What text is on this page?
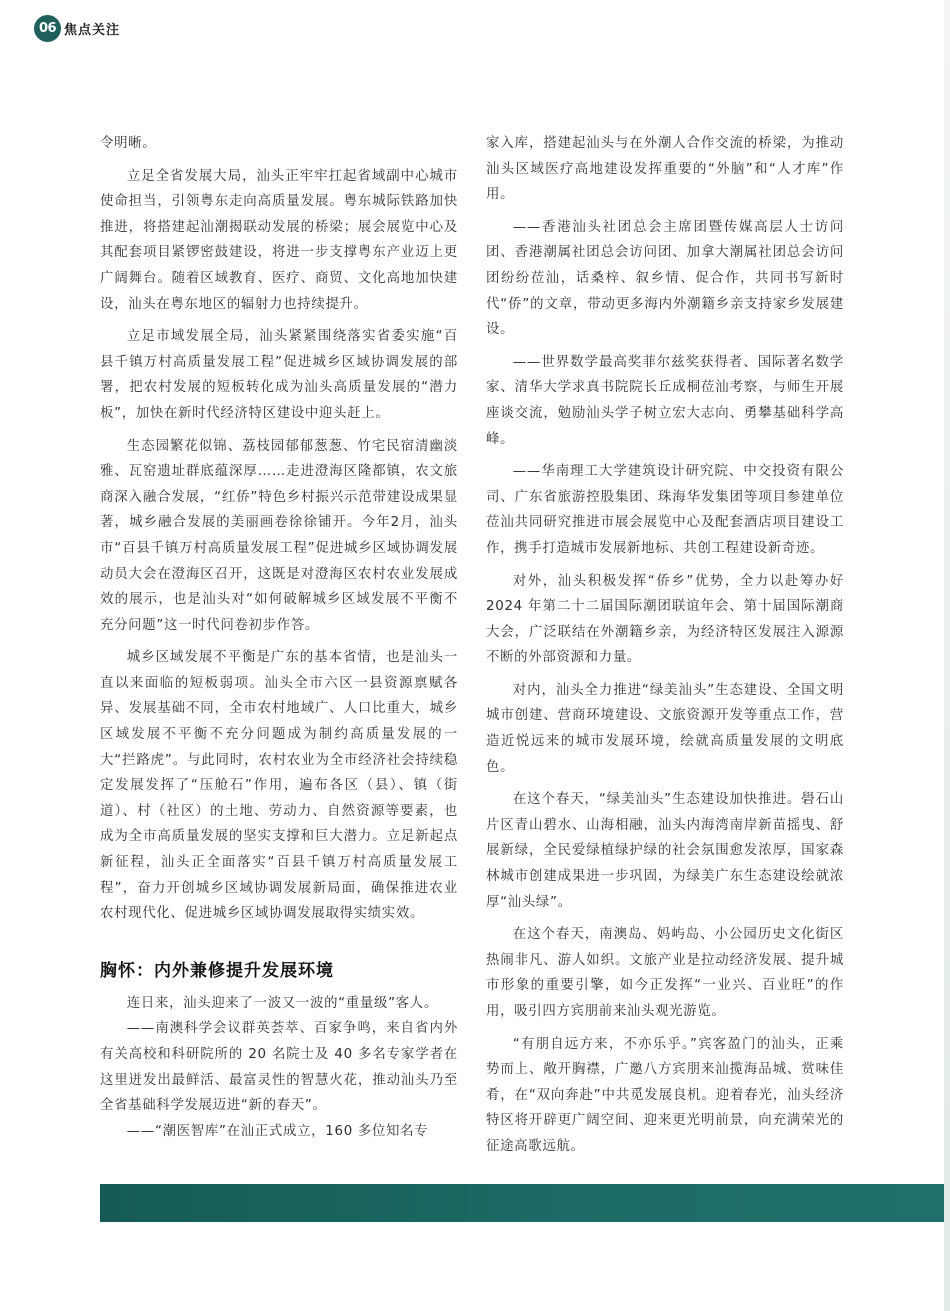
06 焦点关注

令明晰。

立足全省发展大局，汕头正牢牢扛起省域副中心城市使命担当，引领粤东走向高质量发展。粤东城际铁路加快推进，将搭建起汕潮揭联动发展的桥梁；展会展览中心及其配套项目紧锣密鼓建设，将进一步支撑粤东产业迈上更广阔舞台。随着区域教育、医疗、商贸、文化高地加快建设，汕头在粤东地区的辐射力也持续提升。

立足市域发展全局，汕头紧紧围绕落实省委实施“百县千镇万村高质量发展工程”促进城乡区域协调发展的部署，把农村发展的短板转化成为汕头高质量发展的“潜力板”，加快在新时代经济特区建设中迎头赶上。

生态园繁花似锦、荔枝园郁郁葱葱、竹宅民宿清幽淡雅、瓦窑遗址群底蕴深厚……走进澄海区隆都镇，农文旅商深入融合发展，“红侨”特色乡村振兴示范带建设成果显著，城乡融合发展的美丽画卷徐徐铺开。今年2月，汕头市“百县千镇万村高质量发展工程”促进城乡区域协调发展动员大会在澄海区召开，这既是对澄海区农村农业发展成效的展示，也是汕头对“如何破解城乡区域发展不平衡不充分问题”这一时代问卷初步作答。

城乡区域发展不平衡是广东的基本省情，也是汕头一直以来面临的短板弱项。汕头全市六区一县资源禀赋各异、发展基础不同，全市农村地域广、人口比重大，城乡区域发展不平衡不充分问题成为制约高质量发展的一大“拦路虎”。与此同时，农村农业为全市经济社会持续稳定发展发挥了“压舱石”作用，遍布各区（县）、镇（街道）、村（社区）的土地、劳动力、自然资源等要素，也成为全市高质量发展的坚实支撑和巨大潜力。立足新起点新征程，汕头正全面落实“百县千镇万村高质量发展工程”，奋力开创城乡区域协调发展新局面，确保推进农业农村现代化、促进城乡区域协调发展取得实绩实效。

胸怀：内外兼修提升发展环境

连日来，汕头迎来了一波又一波的“重量级”客人。

——南澳科学会议群英荟萃、百家争鸣，来自省内外有关高校和科研院所的 20 名院士及 40 多名专家学者在这里迸发出最鲜活、最富灵性的智慧火花，推动汕头乃至全省基础科学发展迈进“新的春天”。

——“潮医智库”在汕正式成立，160 多位知名专

家入库，搭建起汕头与在外潮人合作交流的桥梁，为推动汕头区域医疗高地建设发挥重要的“外脑”和“人才库”作用。

——香港汕头社团总会主席团暨传媒高层人士访问团、香港潮属社团总会访问团、加拿大潮属社团总会访问团纷纷莅汕，话桑梓、叙乡情、促合作，共同书写新时代“侨”的文章，带动更多海内外潮籍乡亲支持家乡发展建设。

——世界数学最高奖菲尔兹奖获得者、国际著名数学家、清华大学求真书院院长丘成桐莅汕考察，与师生开展座谈交流，勉励汕头学子树立宏大志向、勇攀基础科学高峰。

——华南理工大学建筑设计研究院、中交投资有限公司、广东省旅游控股集团、珠海华发集团等项目参建单位莅汕共同研究推进市展会展览中心及配套酒店项目建设工作，携手打造城市发展新地标、共创工程建设新奇迹。

对外，汕头积极发挥“侨乡”优势，全力以赴筹办好 2024 年第二十二届国际潮团联谊年会、第十届国际潮商大会，广泛联结在外潮籍乡亲，为经济特区发展注入源源不断的外部资源和力量。

对内，汕头全力推进“绿美汕头”生态建设、全国文明城市创建、营商环境建设、文旅资源开发等重点工作，营造近悦远来的城市发展环境，绘就高质量发展的文明底色。

在这个春天，“绿美汕头”生态建设加快推进。礐石山片区青山碧水、山海相融，汕头内海湾南岸新苗摇曳、舒展新绿，全民爱绿植绿护绿的社会氛围愈发浓厚，国家森林城市创建成果进一步巩固，为绿美广东生态建设绘就浓厚“汕头绿”。

在这个春天，南澳岛、妈屿岛、小公园历史文化街区热闹非凡、游人如织。文旅产业是拉动经济发展、提升城市形象的重要引擎，如今正发挥“一业兴、百业旺”的作用，吸引四方宾朋前来汕头观光游览。

“有朋自远方来，不亦乐乎。”宾客盈门的汕头，正乘势而上、敞开胸襟，广邀八方宾朋来汕揽海品城、赏味佳肴，在“双向奔赴”中共觅发展良机。迎着春光，汕头经济特区将开辟更广阔空间、迎来更光明前景，向充满荣光的征途高歌远航。
